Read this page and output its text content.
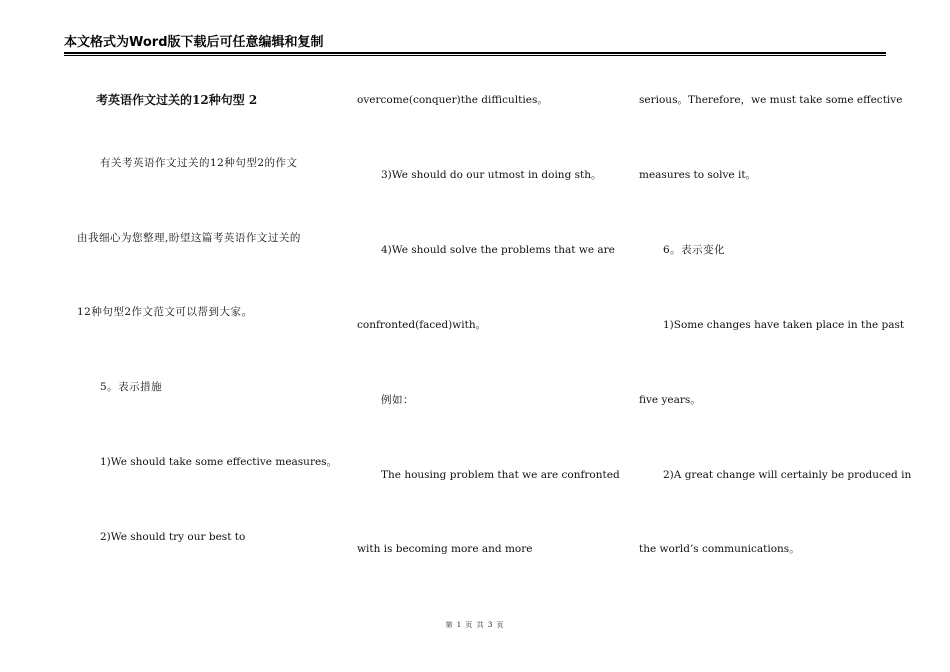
本文格式为Word版下载后可任意编辑和复制
考英语作文过关的12种句型 2
有关考英语作文过关的12种句型2的作文
由我细心为您整理,盼望这篇考英语作文过关的
12种句型2作文范文可以帮到大家。
5。表示措施
1)We should take some effective measures。
2)We should try our best to
overcome(conquer)the difficulties。
3)We should do our utmost in doing sth。
4)We should solve the problems that we are
confronted(faced)with。
例如：
The housing problem that we are confronted
with is becoming more and more
serious。Therefore，we must take some effective
measures to solve it。
6。表示变化
1)Some changes have taken place in the past
five years。
2)A great change will certainly be produced in
the world’s communications。
第 1 页 共 3 页
